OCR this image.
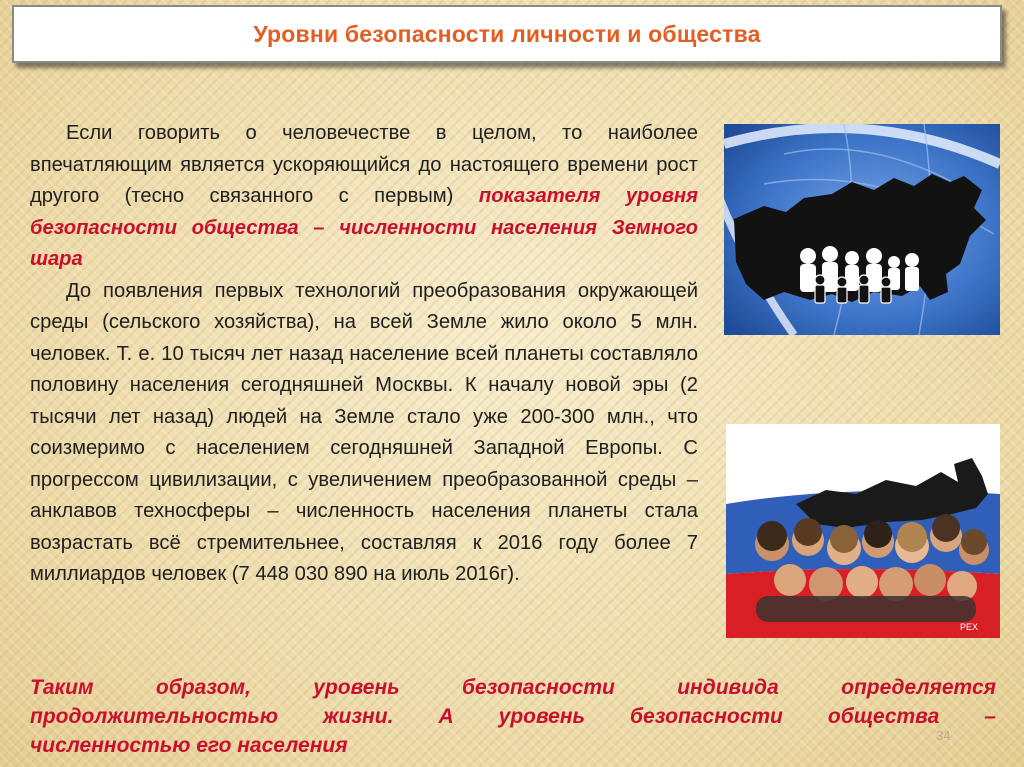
Уровни безопасности личности и общества

Если говорить о человечестве в целом, то наиболее впечатляющим является ускоряющийся до настоящего времени рост другого (тесно связанного с первым) показателя уровня безопасности общества – численности населения Земного шара

До появления первых технологий преобразования окружающей среды (сельского хозяйства), на всей Земле жило около 5 млн. человек. Т. е. 10 тысяч лет назад население всей планеты составляло половину населения сегодняшней Москвы. К началу новой эры (2 тысячи лет назад) людей на Земле стало уже 200-300 млн., что соизмеримо с населением сегодняшней Западной Европы. С прогрессом цивилизации, с увеличением преобразованной среды – анклавов техносферы – численность населения планеты стала возрастать всё стремительнее, составляя к 2016 году более 7 миллиардов человек (7 448 030 890 на июль 2016г).

PEX
Таким образом, уровень безопасности индивида определяется
продолжительностью жизни. А уровень безопасности общества –
численностью его населения	34
